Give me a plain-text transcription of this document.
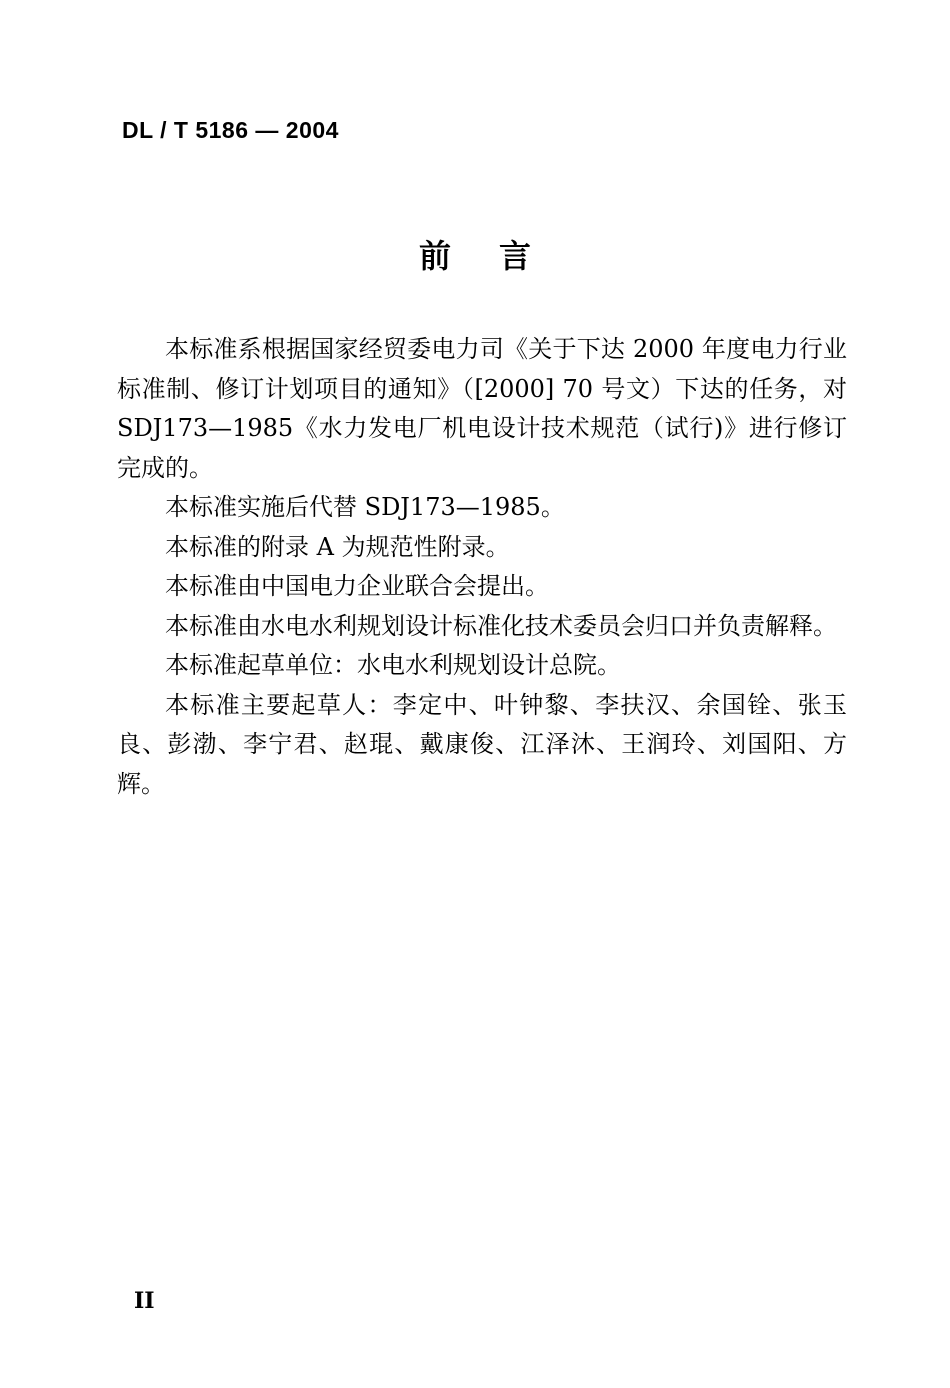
DL / T 5186 — 2004
前言

本标准系根据国家经贸委电力司《关于下达 2000 年度电力行业标准制、修订计划项目的通知》（[2000] 70 号文）下达的任务，对 SDJ173—1985《水力发电厂机电设计技术规范（试行)》进行修订完成的。

本标准实施后代替 SDJ173—1985。

本标准的附录 A 为规范性附录。

本标准由中国电力企业联合会提出。

本标准由水电水利规划设计标准化技术委员会归口并负责解释。

本标准起草单位：水电水利规划设计总院。

本标准主要起草人：李定中、叶钟黎、李扶汉、余国铨、张玉良、彭渤、李宁君、赵琨、戴康俊、江泽沐、王润玲、刘国阳、方辉。

II
